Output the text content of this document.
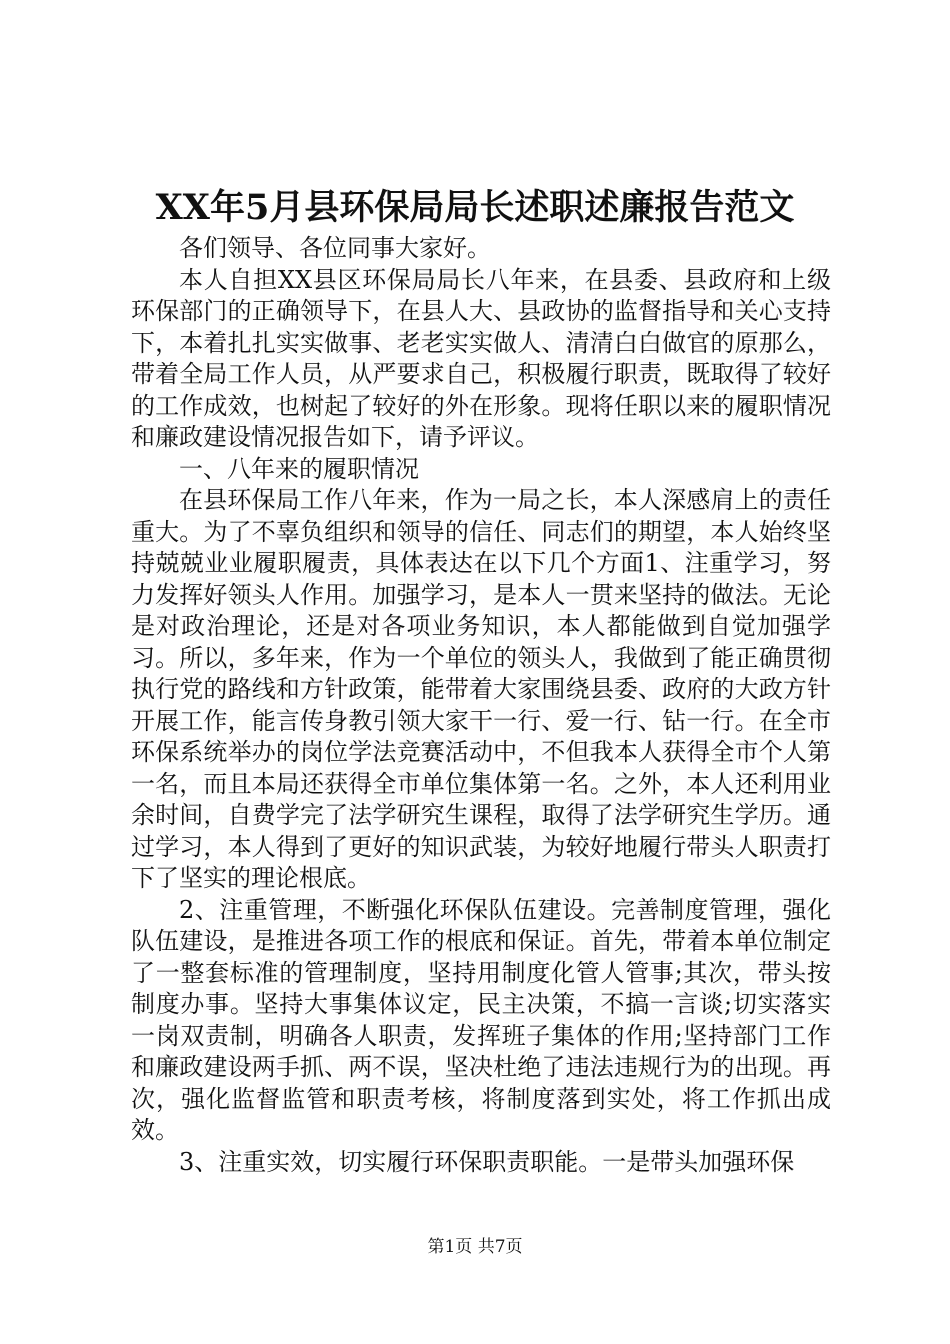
XX年5月县环保局局长述职述廉报告范文

各们领导、各位同事大家好。

本人自担XX县区环保局局长八年来，在县委、县政府和上级环保部门的正确领导下，在县人大、县政协的监督指导和关心支持下，本着扎扎实实做事、老老实实做人、清清白白做官的原那么，带着全局工作人员，从严要求自己，积极履行职责，既取得了较好的工作成效，也树起了较好的外在形象。现将任职以来的履职情况和廉政建设情况报告如下，请予评议。

一、八年来的履职情况

在县环保局工作八年来，作为一局之长，本人深感肩上的责任重大。为了不辜负组织和领导的信任、同志们的期望，本人始终坚持兢兢业业履职履责，具体表达在以下几个方面1、注重学习，努力发挥好领头人作用。加强学习，是本人一贯来坚持的做法。无论是对政治理论，还是对各项业务知识，本人都能做到自觉加强学习。所以，多年来，作为一个单位的领头人，我做到了能正确贯彻执行党的路线和方针政策，能带着大家围绕县委、政府的大政方针开展工作，能言传身教引领大家干一行、爱一行、钻一行。在全市环保系统举办的岗位学法竞赛活动中，不但我本人获得全市个人第一名，而且本局还获得全市单位集体第一名。之外，本人还利用业余时间，自费学完了法学研究生课程，取得了法学研究生学历。通过学习，本人得到了更好的知识武装，为较好地履行带头人职责打下了坚实的理论根底。

2、注重管理，不断强化环保队伍建设。完善制度管理，强化队伍建设，是推进各项工作的根底和保证。首先，带着本单位制定了一整套标准的管理制度，坚持用制度化管人管事;其次，带头按制度办事。坚持大事集体议定，民主决策，不搞一言谈;切实落实一岗双责制，明确各人职责，发挥班子集体的作用;坚持部门工作和廉政建设两手抓、两不误，坚决杜绝了违法违规行为的出现。再次，强化监督监管和职责考核，将制度落到实处，将工作抓出成效。

3、注重实效，切实履行环保职责职能。一是带头加强环保

第1页 共7页
